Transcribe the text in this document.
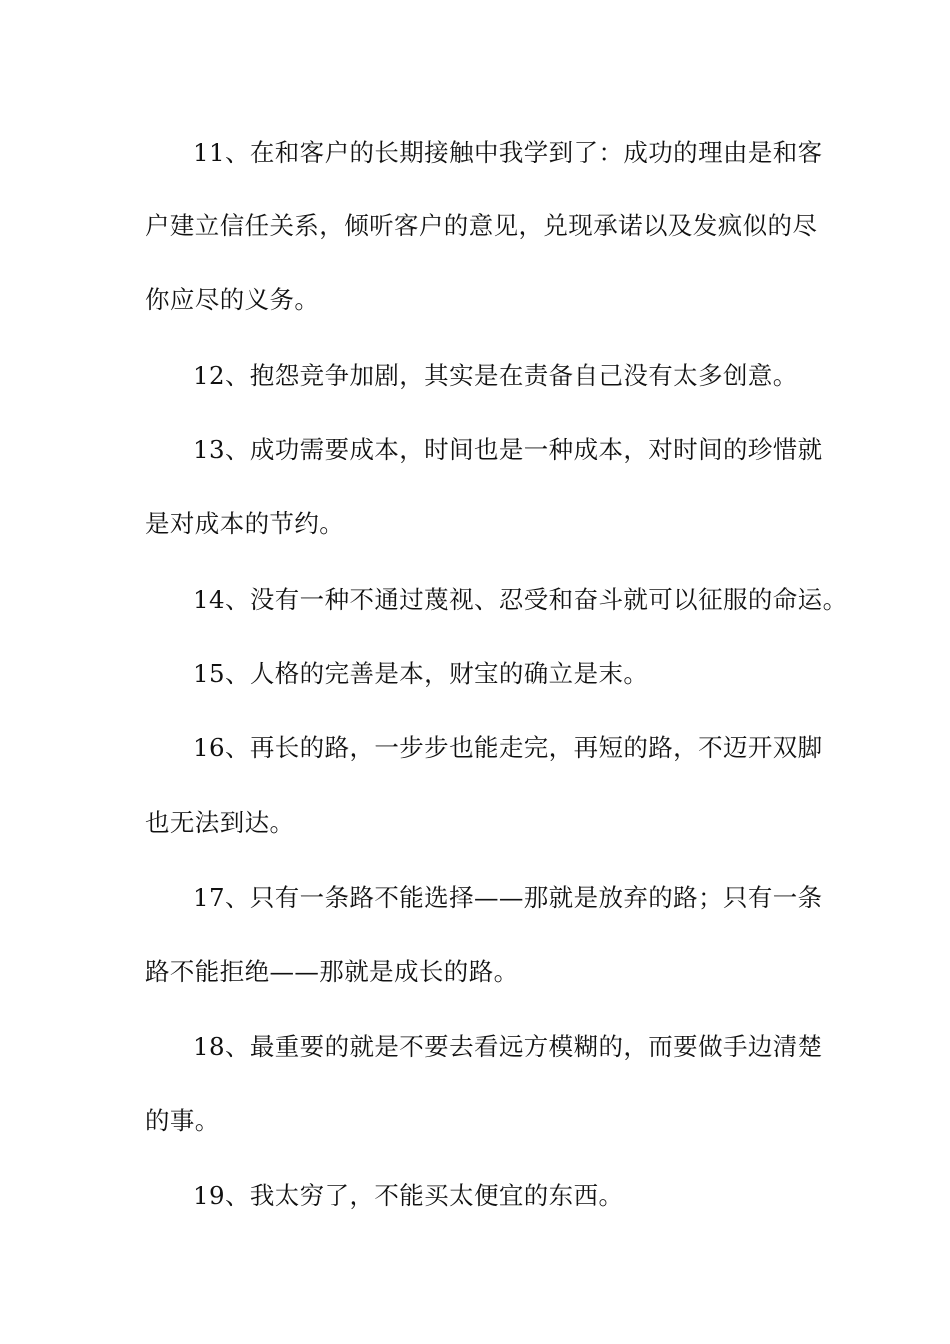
11、在和客户的长期接触中我学到了：成功的理由是和客
户建立信任关系，倾听客户的意见，兑现承诺以及发疯似的尽
你应尽的义务。
12、抱怨竞争加剧，其实是在责备自己没有太多创意。
13、成功需要成本，时间也是一种成本，对时间的珍惜就
是对成本的节约。
14、没有一种不通过蔑视、忍受和奋斗就可以征服的命运。
15、人格的完善是本，财宝的确立是末。
16、再长的路，一步步也能走完，再短的路，不迈开双脚
也无法到达。
17、只有一条路不能选择——那就是放弃的路；只有一条
路不能拒绝——那就是成长的路。
18、最重要的就是不要去看远方模糊的，而要做手边清楚
的事。
19、我太穷了，不能买太便宜的东西。
